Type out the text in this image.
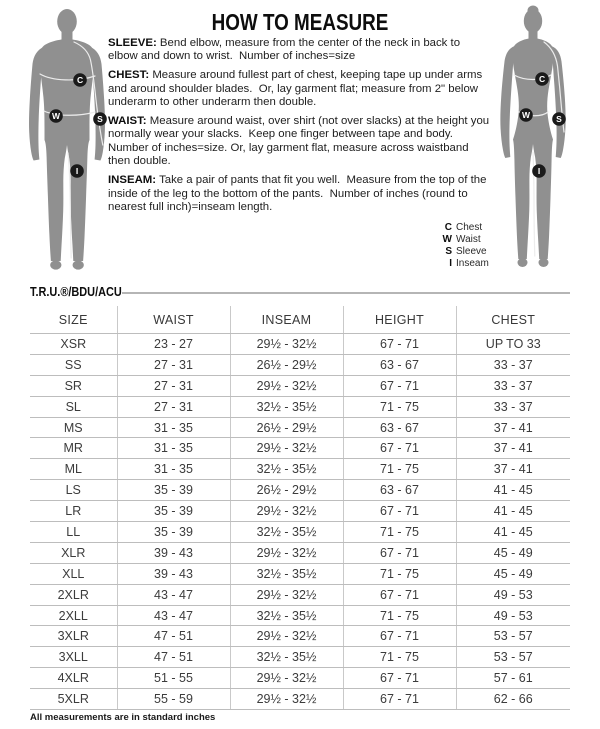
HOW TO MEASURE
C
W	S
I
C
W	S
I

SLEEVE: Bend elbow, measure from the center of the neck in back to elbow and down to wrist.  Number of inches=size

CHEST: Measure around fullest part of chest, keeping tape up under arms and around shoulder blades.  Or, lay garment flat; measure from 2" below underarm to other underarm then double.

WAIST: Measure around waist, over shirt (not over slacks) at the height you normally wear your slacks.  Keep one finger between tape and body.  Number of inches=size. Or, lay garment flat, measure across waistband then double.

INSEAM: Take a pair of pants that fit you well.  Measure from the top of the inside of the leg to the bottom of the pants.  Number of inches (round to nearest full inch)=inseam length.

C Chest
W Waist
S Sleeve
I Inseam
T.R.U.®/BDU/ACU
SIZE	WAIST	INSEAM	HEIGHT	CHEST
XSR	23 - 27	29½ - 32½	67 - 71	UP TO 33
SS	27 - 31	26½ - 29½	63 - 67	33 - 37
SR	27 - 31	29½ - 32½	67 - 71	33 - 37
SL	27 - 31	32½ - 35½	71 - 75	33 - 37
MS	31 - 35	26½ - 29½	63 - 67	37 - 41
MR	31 - 35	29½ - 32½	67 - 71	37 - 41
ML	31 - 35	32½ - 35½	71 - 75	37 - 41
LS	35 - 39	26½ - 29½	63 - 67	41 - 45
LR	35 - 39	29½ - 32½	67 - 71	41 - 45
LL	35 - 39	32½ - 35½	71 - 75	41 - 45
XLR	39 - 43	29½ - 32½	67 - 71	45 - 49
XLL	39 - 43	32½ - 35½	71 - 75	45 - 49
2XLR	43 - 47	29½ - 32½	67 - 71	49 - 53
2XLL	43 - 47	32½ - 35½	71 - 75	49 - 53
3XLR	47 - 51	29½ - 32½	67 - 71	53 - 57
3XLL	47 - 51	32½ - 35½	71 - 75	53 - 57
4XLR	51 - 55	29½ - 32½	67 - 71	57 - 61
5XLR	55 - 59	29½ - 32½	67 - 71	62 - 66
All measurements are in standard inches
